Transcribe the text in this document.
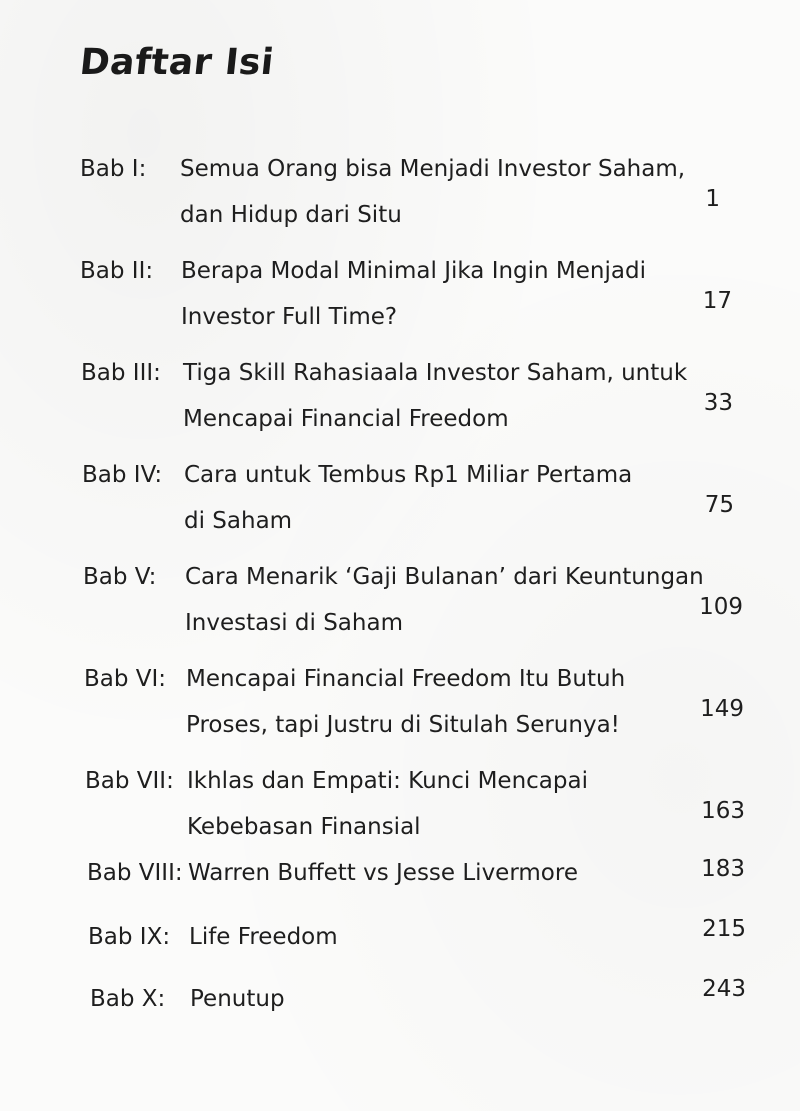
Daftar Isi
Bab I: Semua Orang bisa Menjadi Investor Saham,
dan Hidup dari Situ
1
Bab II: Berapa Modal Minimal Jika Ingin Menjadi
Investor Full Time?
17
Bab III: Tiga Skill Rahasiaala Investor Saham, untuk
Mencapai Financial Freedom
33
Bab IV: Cara untuk Tembus Rp1 Miliar Pertama
di Saham
75
Bab V: Cara Menarik ‘Gaji Bulanan’ dari Keuntungan
Investasi di Saham
109
Bab VI: Mencapai Financial Freedom Itu Butuh
Proses, tapi Justru di Situlah Serunya!
149
Bab VII: Ikhlas dan Empati: Kunci Mencapai
Kebebasan Finansial
163
Bab VIII: Warren Buffett vs Jesse Livermore	183
Bab IX: Life Freedom	215
Bab X: Penutup	243
